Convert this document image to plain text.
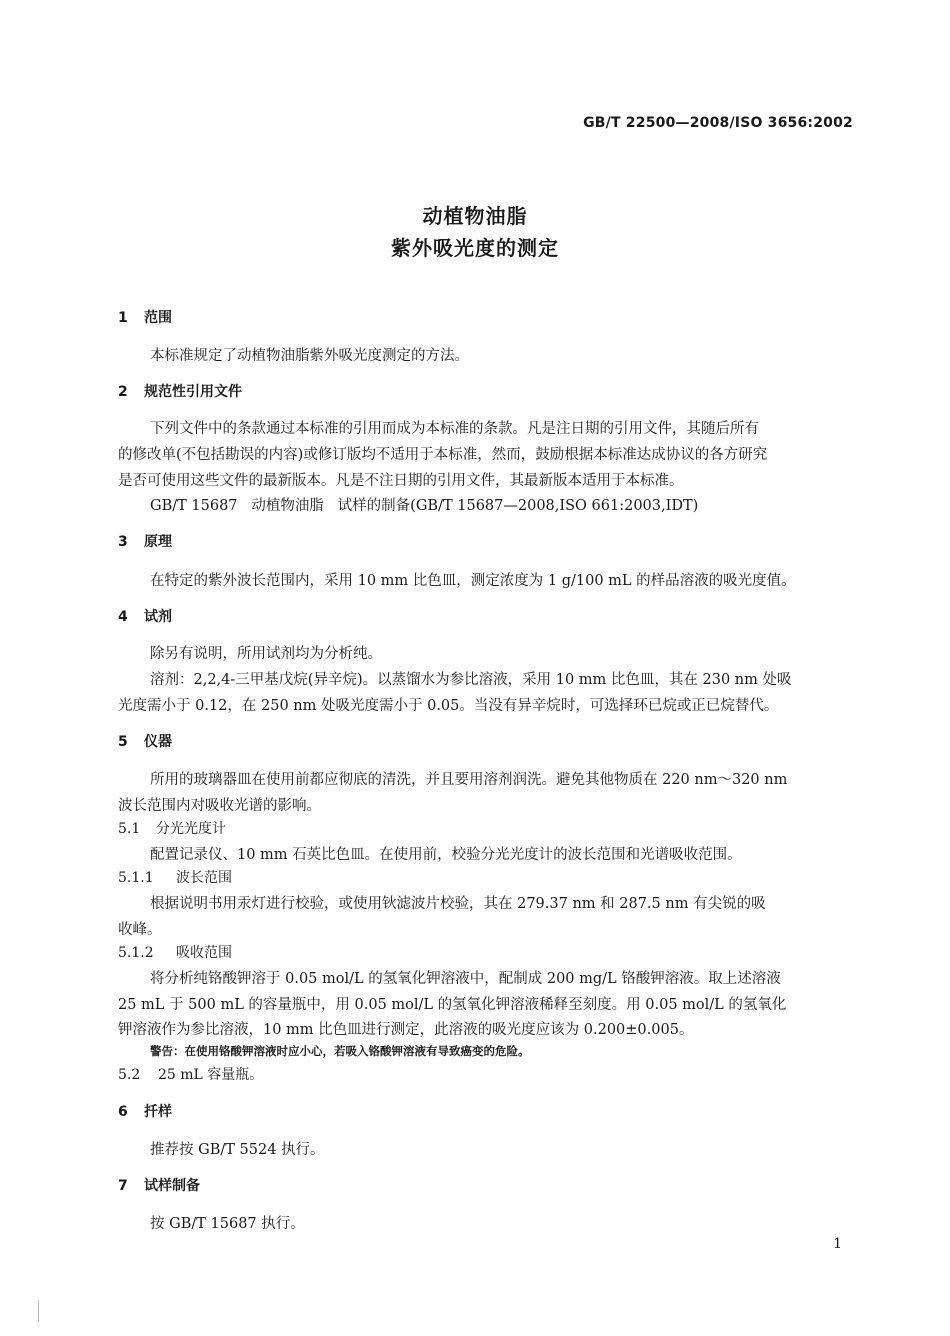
GB/T 22500—2008/ISO 3656:2002
动植物油脂
紫外吸光度的测定
1 范围
本标准规定了动植物油脂紫外吸光度测定的方法。
2 规范性引用文件
下列文件中的条款通过本标准的引用而成为本标准的条款。凡是注日期的引用文件，其随后所有
的修改单(不包括勘误的内容)或修订版均不适用于本标准，然而，鼓励根据本标准达成协议的各方研究
是否可使用这些文件的最新版本。凡是不注日期的引用文件，其最新版本适用于本标准。
GB/T 15687   动植物油脂   试样的制备(GB/T 15687—2008,ISO 661:2003,IDT)
3 原理
在特定的紫外波长范围内，采用 10 mm 比色皿，测定浓度为 1 g/100 mL 的样品溶液的吸光度值。
4 试剂
除另有说明，所用试剂均为分析纯。
溶剂：2,2,4-三甲基戊烷(异辛烷)。以蒸馏水为参比溶液，采用 10 mm 比色皿，其在 230 nm 处吸
光度需小于 0.12，在 250 nm 处吸光度需小于 0.05。当没有异辛烷时，可选择环已烷或正已烷替代。
5 仪器
所用的玻璃器皿在使用前都应彻底的清洗，并且要用溶剂润洗。避免其他物质在 220 nm～320 nm
波长范围内对吸收光谱的影响。
5.1 分光光度计
配置记录仪、10 mm 石英比色皿。在使用前，校验分光光度计的波长范围和光谱吸收范围。
5.1.1 波长范围
根据说明书用汞灯进行校验，或使用钬滤波片校验，其在 279.37 nm 和 287.5 nm 有尖锐的吸
收峰。
5.1.2 吸收范围
将分析纯铬酸钾溶于 0.05 mol/L 的氢氧化钾溶液中，配制成 200 mg/L 铬酸钾溶液。取上述溶液
25 mL 于 500 mL 的容量瓶中，用 0.05 mol/L 的氢氧化钾溶液稀释至刻度。用 0.05 mol/L 的氢氧化
钾溶液作为参比溶液，10 mm 比色皿进行测定，此溶液的吸光度应该为 0.200±0.005。
警告：在使用铬酸钾溶液时应小心，若吸入铬酸钾溶液有导致癌变的危险。
5.2 25 mL 容量瓶。
6 扦样
推荐按 GB/T 5524 执行。
7 试样制备
按 GB/T 15687 执行。
1
